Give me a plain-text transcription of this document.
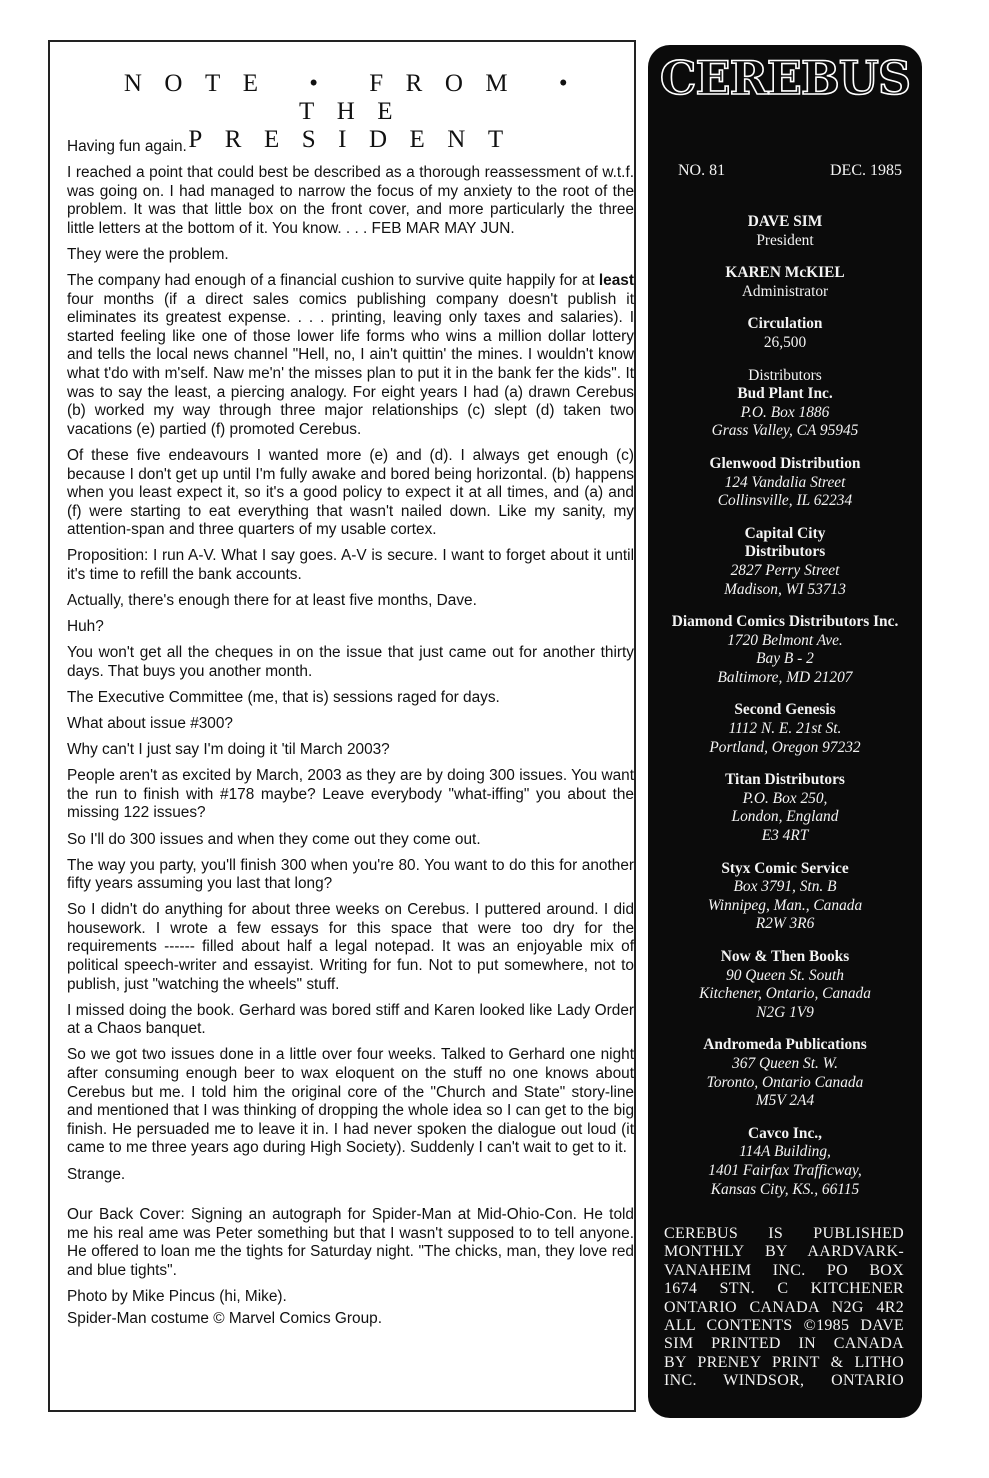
NOTE • FROM • THE
PRESIDENT

Having fun again.

I reached a point that could best be described as a thorough reassessment of w.t.f. was going on. I had managed to narrow the focus of my anxiety to the root of the problem. It was that little box on the front cover, and more particularly the three little letters at the bottom of it. You know. . . . FEB MAR MAY JUN.

They were the problem.

The company had enough of a financial cushion to survive quite happily for at least four months (if a direct sales comics publishing company doesn't publish it eliminates its greatest expense. . . . printing, leaving only taxes and salaries). I started feeling like one of those lower life forms who wins a million dollar lottery and tells the local news channel "Hell, no, I ain't quittin' the mines. I wouldn't know what t'do with m'self. Naw me'n' the misses plan to put it in the bank fer the kids". It was to say the least, a piercing analogy. For eight years I had (a) drawn Cerebus (b) worked my way through three major relationships (c) slept (d) taken two vacations (e) partied (f) promoted Cerebus.

Of these five endeavours I wanted more (e) and (d). I always get enough (c) because I don't get up until I'm fully awake and bored being horizontal. (b) happens when you least expect it, so it's a good policy to expect it at all times, and (a) and (f) were starting to eat everything that wasn't nailed down. Like my sanity, my attention-span and three quarters of my usable cortex.

Proposition: I run A-V. What I say goes. A-V is secure. I want to forget about it until it's time to refill the bank accounts.

Actually, there's enough there for at least five months, Dave.

Huh?

You won't get all the cheques in on the issue that just came out for another thirty days. That buys you another month.

The Executive Committee (me, that is) sessions raged for days.

What about issue #300?

Why can't I just say I'm doing it 'til March 2003?

People aren't as excited by March, 2003 as they are by doing 300 issues. You want the run to finish with #178 maybe? Leave everybody "what-iffing" you about the missing 122 issues?

So I'll do 300 issues and when they come out they come out.

The way you party, you'll finish 300 when you're 80. You want to do this for another fifty years assuming you last that long?

So I didn't do anything for about three weeks on Cerebus. I puttered around. I did housework. I wrote a few essays for this space that were too dry for the requirements ------ filled about half a legal notepad. It was an enjoyable mix of political speech-writer and essayist. Writing for fun. Not to put somewhere, not to publish, just "watching the wheels" stuff.

I missed doing the book. Gerhard was bored stiff and Karen looked like Lady Order at a Chaos banquet.

So we got two issues done in a little over four weeks. Talked to Gerhard one night after consuming enough beer to wax eloquent on the stuff no one knows about Cerebus but me. I told him the original core of the "Church and State" story-line and mentioned that I was thinking of dropping the whole idea so I can get to the big finish. He persuaded me to leave it in. I had never spoken the dialogue out loud (it came to me three years ago during High Society). Suddenly I can't wait to get to it.

Strange.

Our Back Cover: Signing an autograph for Spider-Man at Mid-Ohio-Con. He told me his real ame was Peter something but that I wasn't supposed to to tell anyone. He offered to loan me the tights for Saturday night. "The chicks, man, they love red and blue tights".

Photo by Mike Pincus (hi, Mike).

Spider-Man costume © Marvel Comics Group.

CEREBUS
NO. 81	DEC. 1985
DAVE SIM
President
KAREN McKIEL
Administrator
Circulation
26,500
Distributors
Bud Plant Inc.
P.O. Box 1886
Grass Valley, CA 95945
Glenwood Distribution
124 Vandalia Street
Collinsville, IL 62234
Capital City Distributors
2827 Perry Street
Madison, WI 53713
Diamond Comics Distributors Inc.
1720 Belmont Ave.
Bay B - 2
Baltimore, MD 21207
Second Genesis
1112 N. E. 21st St.
Portland, Oregon 97232
Titan Distributors
P.O. Box 250,
London, England
E3 4RT
Styx Comic Service
Box 3791, Stn. B
Winnipeg, Man., Canada
R2W 3R6
Now & Then Books
90 Queen St. South
Kitchener, Ontario, Canada
N2G 1V9
Andromeda Publications
367 Queen St. W.
Toronto, Ontario Canada
M5V 2A4
Cavco Inc.,
114A Building,
1401 Fairfax Trafficway,
Kansas City, KS., 66115
CEREBUS IS PUBLISHED
MONTHLY BY AARDVARK-
VANAHEIM INC. PO BOX
1674 STN. C KITCHENER
ONTARIO CANADA N2G 4R2
ALL CONTENTS ©1985 DAVE
SIM PRINTED IN CANADA
BY PRENEY PRINT & LITHO
INC. WINDSOR, ONTARIO
